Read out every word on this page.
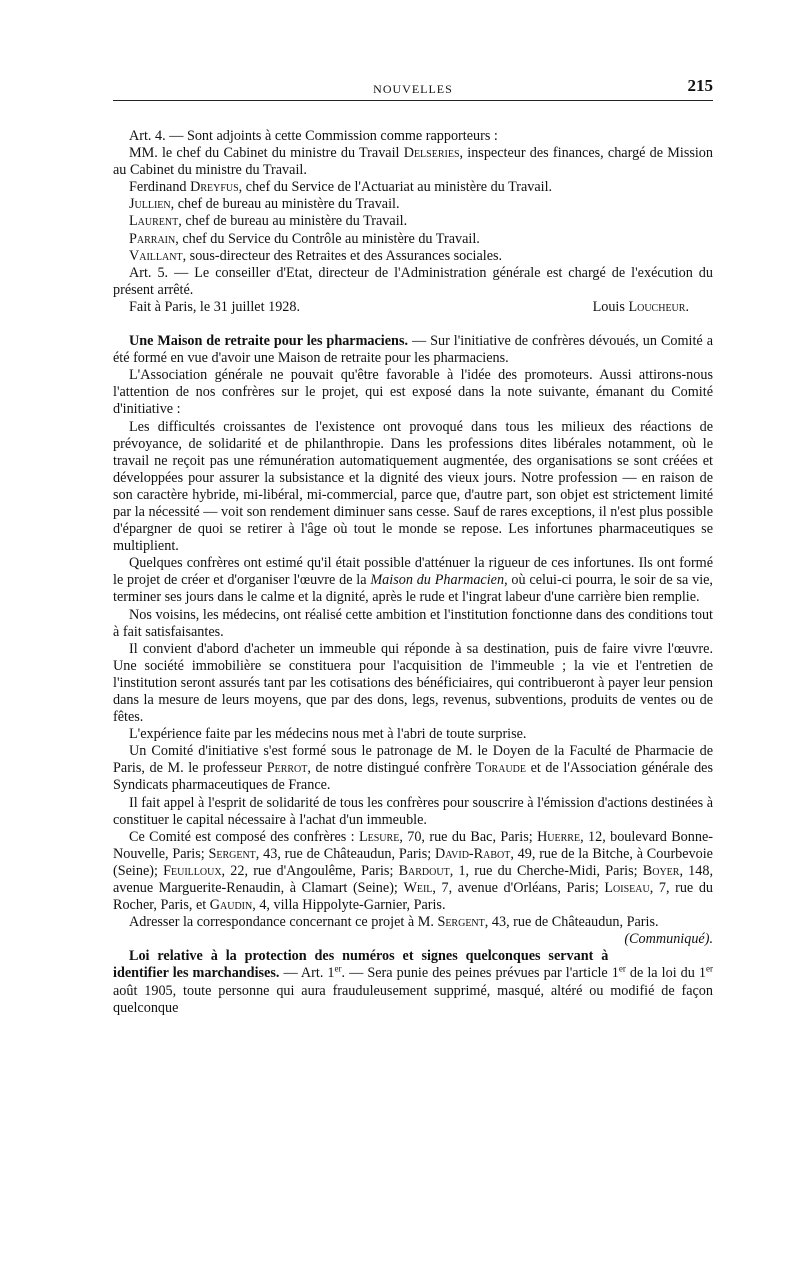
NOUVELLES	215

Art. 4. — Sont adjoints à cette Commission comme rapporteurs :

MM. le chef du Cabinet du ministre du Travail Delseries, inspecteur des finances, chargé de Mission au Cabinet du ministre du Travail.

Ferdinand Dreyfus, chef du Service de l'Actuariat au ministère du Travail.

Jullien, chef de bureau au ministère du Travail.

Laurent, chef de bureau au ministère du Travail.

Parrain, chef du Service du Contrôle au ministère du Travail.

Vaillant, sous-directeur des Retraites et des Assurances sociales.

Art. 5. — Le conseiller d'Etat, directeur de l'Administration générale est chargé de l'exécution du présent arrêté.

Fait à Paris, le 31 juillet 1928.	Louis Loucheur.

Une Maison de retraite pour les pharmaciens. — Sur l'initiative de confrères dévoués, un Comité a été formé en vue d'avoir une Maison de retraite pour les pharmaciens.

L'Association générale ne pouvait qu'être favorable à l'idée des promoteurs. Aussi attirons-nous l'attention de nos confrères sur le projet, qui est exposé dans la note suivante, émanant du Comité d'initiative :

Les difficultés croissantes de l'existence ont provoqué dans tous les milieux des réactions de prévoyance, de solidarité et de philanthropie. Dans les professions dites libérales notamment, où le travail ne reçoit pas une rémunération automatiquement augmentée, des organisations se sont créées et développées pour assurer la subsistance et la dignité des vieux jours. Notre profession — en raison de son caractère hybride, mi-libéral, mi-commercial, parce que, d'autre part, son objet est strictement limité par la nécessité — voit son rendement diminuer sans cesse. Sauf de rares exceptions, il n'est plus possible d'épargner de quoi se retirer à l'âge où tout le monde se repose. Les infortunes pharmaceutiques se multiplient.

Quelques confrères ont estimé qu'il était possible d'atténuer la rigueur de ces infortunes. Ils ont formé le projet de créer et d'organiser l'œuvre de la Maison du Pharmacien, où celui-ci pourra, le soir de sa vie, terminer ses jours dans le calme et la dignité, après le rude et l'ingrat labeur d'une carrière bien remplie.

Nos voisins, les médecins, ont réalisé cette ambition et l'institution fonctionne dans des conditions tout à fait satisfaisantes.

Il convient d'abord d'acheter un immeuble qui réponde à sa destination, puis de faire vivre l'œuvre. Une société immobilière se constituera pour l'acquisition de l'immeuble ; la vie et l'entretien de l'institution seront assurés tant par les cotisations des bénéficiaires, qui contribueront à payer leur pension dans la mesure de leurs moyens, que par des dons, legs, revenus, subventions, produits de ventes ou de fêtes.

L'expérience faite par les médecins nous met à l'abri de toute surprise.

Un Comité d'initiative s'est formé sous le patronage de M. le Doyen de la Faculté de Pharmacie de Paris, de M. le professeur Perrot, de notre distingué confrère Toraude et de l'Association générale des Syndicats pharmaceutiques de France.

Il fait appel à l'esprit de solidarité de tous les confrères pour souscrire à l'émission d'actions destinées à constituer le capital nécessaire à l'achat d'un immeuble.

Ce Comité est composé des confrères : Lesure, 70, rue du Bac, Paris; Huerre, 12, boulevard Bonne-Nouvelle, Paris; Sergent, 43, rue de Châteaudun, Paris; David-Rabot, 49, rue de la Bitche, à Courbevoie (Seine); Feuilloux, 22, rue d'Angoulême, Paris; Bardout, 1, rue du Cherche-Midi, Paris; Boyer, 148, avenue Marguerite-Renaudin, à Clamart (Seine); Weil, 7, avenue d'Orléans, Paris; Loiseau, 7, rue du Rocher, Paris, et Gaudin, 4, villa Hippolyte-Garnier, Paris.

Adresser la correspondance concernant ce projet à M. Sergent, 43, rue de Châteaudun, Paris.
(Communiqué).

Loi relative à la protection des numéros et signes quelconques servant à identifier les marchandises. — Art. 1er. — Sera punie des peines prévues par l'article 1er de la loi du 1er août 1905, toute personne qui aura frauduleusement supprimé, masqué, altéré ou modifié de façon quelconque
